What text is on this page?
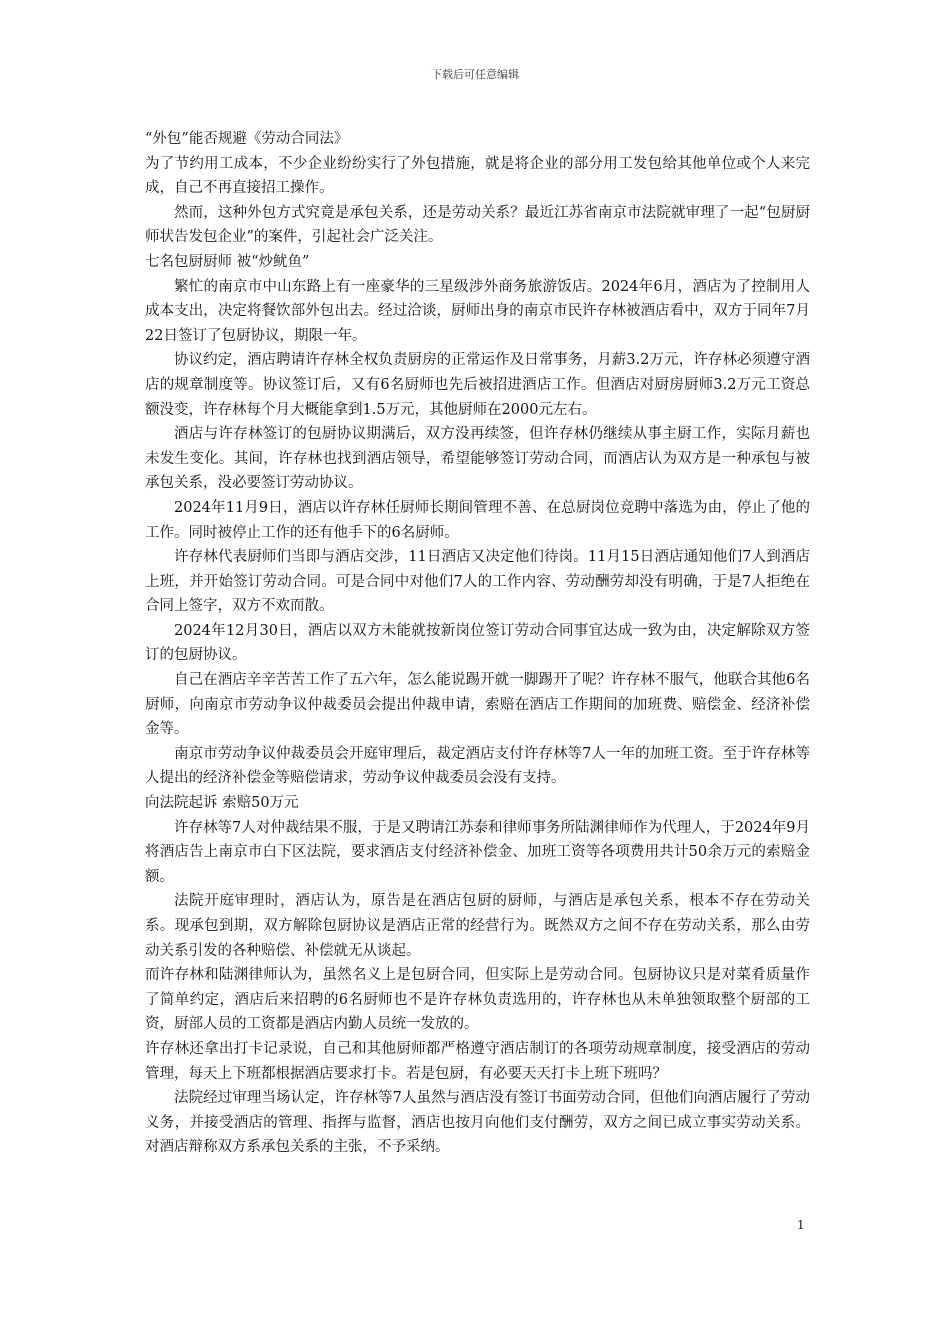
下载后可任意编辑

“外包”能否规避《劳动合同法》

为了节约用工成本，不少企业纷纷实行了外包措施，就是将企业的部分用工发包给其他单位或个人来完成，自己不再直接招工操作。

然而，这种外包方式究竟是承包关系，还是劳动关系？最近江苏省南京市法院就审理了一起“包厨厨师状告发包企业”的案件，引起社会广泛关注。

七名包厨厨师 被“炒鱿鱼”

繁忙的南京市中山东路上有一座豪华的三星级涉外商务旅游饭店。2024年6月，酒店为了控制用人成本支出，决定将餐饮部外包出去。经过洽谈，厨师出身的南京市民许存林被酒店看中，双方于同年7月22日签订了包厨协议，期限一年。

协议约定，酒店聘请许存林全权负责厨房的正常运作及日常事务，月薪3.2万元，许存林必须遵守酒店的规章制度等。协议签订后，又有6名厨师也先后被招进酒店工作。但酒店对厨房厨师3.2万元工资总额没变，许存林每个月大概能拿到1.5万元，其他厨师在2000元左右。

酒店与许存林签订的包厨协议期满后，双方没再续签，但许存林仍继续从事主厨工作，实际月薪也未发生变化。其间，许存林也找到酒店领导，希望能够签订劳动合同，而酒店认为双方是一种承包与被承包关系，没必要签订劳动协议。

2024年11月9日，酒店以许存林任厨师长期间管理不善、在总厨岗位竞聘中落选为由，停止了他的工作。同时被停止工作的还有他手下的6名厨师。

许存林代表厨师们当即与酒店交涉，11日酒店又决定他们待岗。11月15日酒店通知他们7人到酒店上班，并开始签订劳动合同。可是合同中对他们7人的工作内容、劳动酬劳却没有明确，于是7人拒绝在合同上签字，双方不欢而散。

2024年12月30日，酒店以双方未能就按新岗位签订劳动合同事宜达成一致为由，决定解除双方签订的包厨协议。

自己在酒店辛辛苦苦工作了五六年，怎么能说踢开就一脚踢开了呢？许存林不服气，他联合其他6名厨师，向南京市劳动争议仲裁委员会提出仲裁申请，索赔在酒店工作期间的加班费、赔偿金、经济补偿金等。

南京市劳动争议仲裁委员会开庭审理后，裁定酒店支付许存林等7人一年的加班工资。至于许存林等人提出的经济补偿金等赔偿请求，劳动争议仲裁委员会没有支持。

向法院起诉 索赔50万元

许存林等7人对仲裁结果不服，于是又聘请江苏泰和律师事务所陆渊律师作为代理人，于2024年9月将酒店告上南京市白下区法院，要求酒店支付经济补偿金、加班工资等各项费用共计50余万元的索赔金额。

法院开庭审理时，酒店认为，原告是在酒店包厨的厨师，与酒店是承包关系，根本不存在劳动关系。现承包到期，双方解除包厨协议是酒店正常的经营行为。既然双方之间不存在劳动关系，那么由劳动关系引发的各种赔偿、补偿就无从谈起。

而许存林和陆渊律师认为，虽然名义上是包厨合同，但实际上是劳动合同。包厨协议只是对菜肴质量作了简单约定，酒店后来招聘的6名厨师也不是许存林负责选用的，许存林也从未单独领取整个厨部的工资，厨部人员的工资都是酒店内勤人员统一发放的。

许存林还拿出打卡记录说，自己和其他厨师都严格遵守酒店制订的各项劳动规章制度，接受酒店的劳动管理，每天上下班都根据酒店要求打卡。若是包厨，有必要天天打卡上班下班吗？

法院经过审理当场认定，许存林等7人虽然与酒店没有签订书面劳动合同，但他们向酒店履行了劳动义务，并接受酒店的管理、指挥与监督，酒店也按月向他们支付酬劳，双方之间已成立事实劳动关系。对酒店辩称双方系承包关系的主张，不予采纳。

1
